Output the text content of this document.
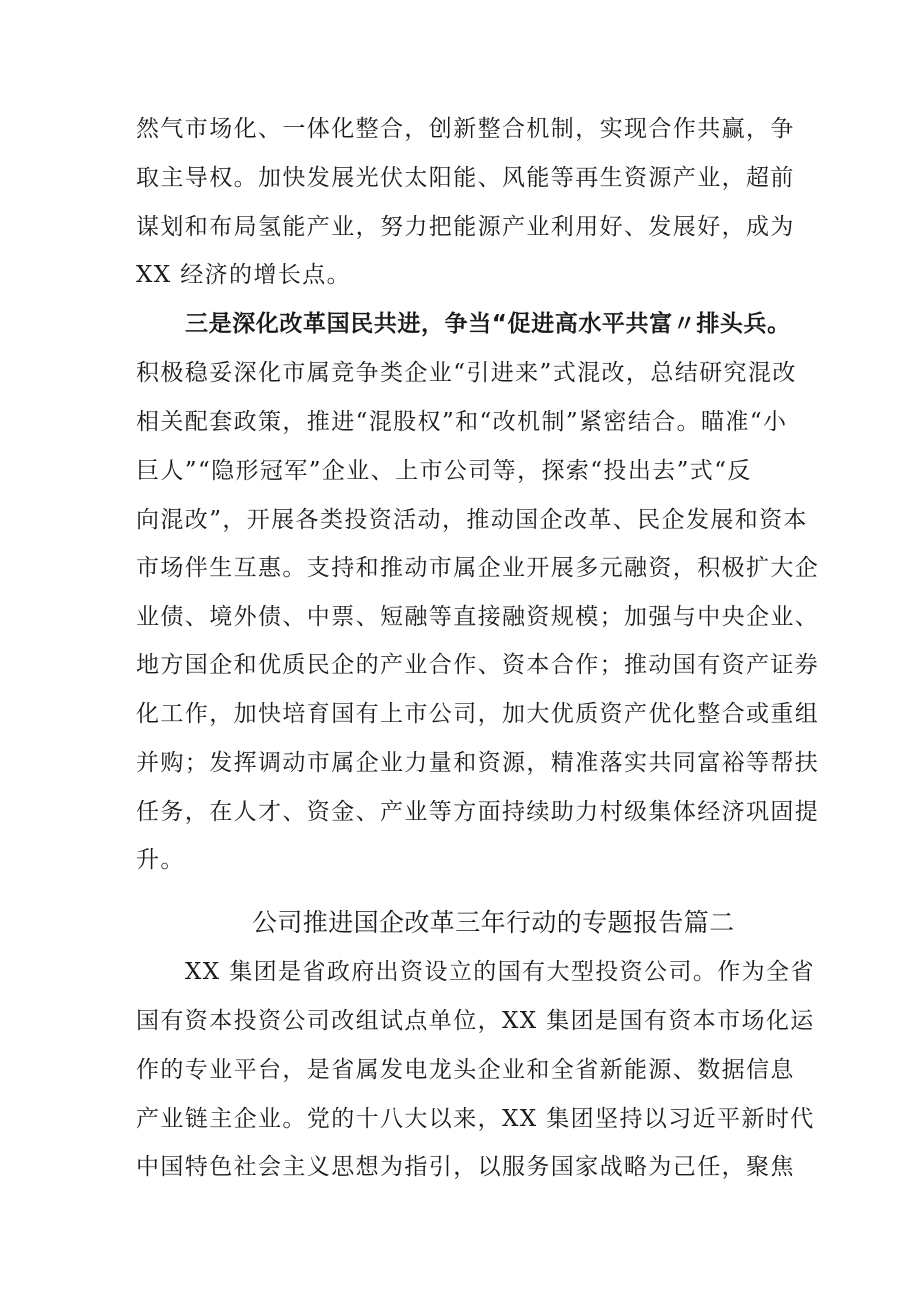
然气市场化、一体化整合，创新整合机制，实现合作共赢，争
取主导权。加快发展光伏太阳能、风能等再生资源产业，超前
谋划和布局氢能产业，努力把能源产业利用好、发展好，成为
XX 经济的增长点。
三是深化改革国民共进，争当“促进高水平共富〃排头兵。
积极稳妥深化市属竞争类企业“引进来”式混改，总结研究混改
相关配套政策，推进“混股权”和“改机制”紧密结合。瞄准“小
巨人”“隐形冠军”企业、上市公司等，探索“投出去”式“反
向混改”，开展各类投资活动，推动国企改革、民企发展和资本
市场伴生互惠。支持和推动市属企业开展多元融资，积极扩大企
业债、境外债、中票、短融等直接融资规模；加强与中央企业、
地方国企和优质民企的产业合作、资本合作；推动国有资产证券
化工作，加快培育国有上市公司，加大优质资产优化整合或重组
并购；发挥调动市属企业力量和资源，精准落实共同富裕等帮扶
任务，在人才、资金、产业等方面持续助力村级集体经济巩固提
升。
公司推进国企改革三年行动的专题报告篇二
XX 集团是省政府出资设立的国有大型投资公司。作为全省
国有资本投资公司改组试点单位，XX 集团是国有资本市场化运
作的专业平台，是省属发电龙头企业和全省新能源、数据信息
产业链主企业。党的十八大以来，XX 集团坚持以习近平新时代
中国特色社会主义思想为指引，以服务国家战略为己任，聚焦
